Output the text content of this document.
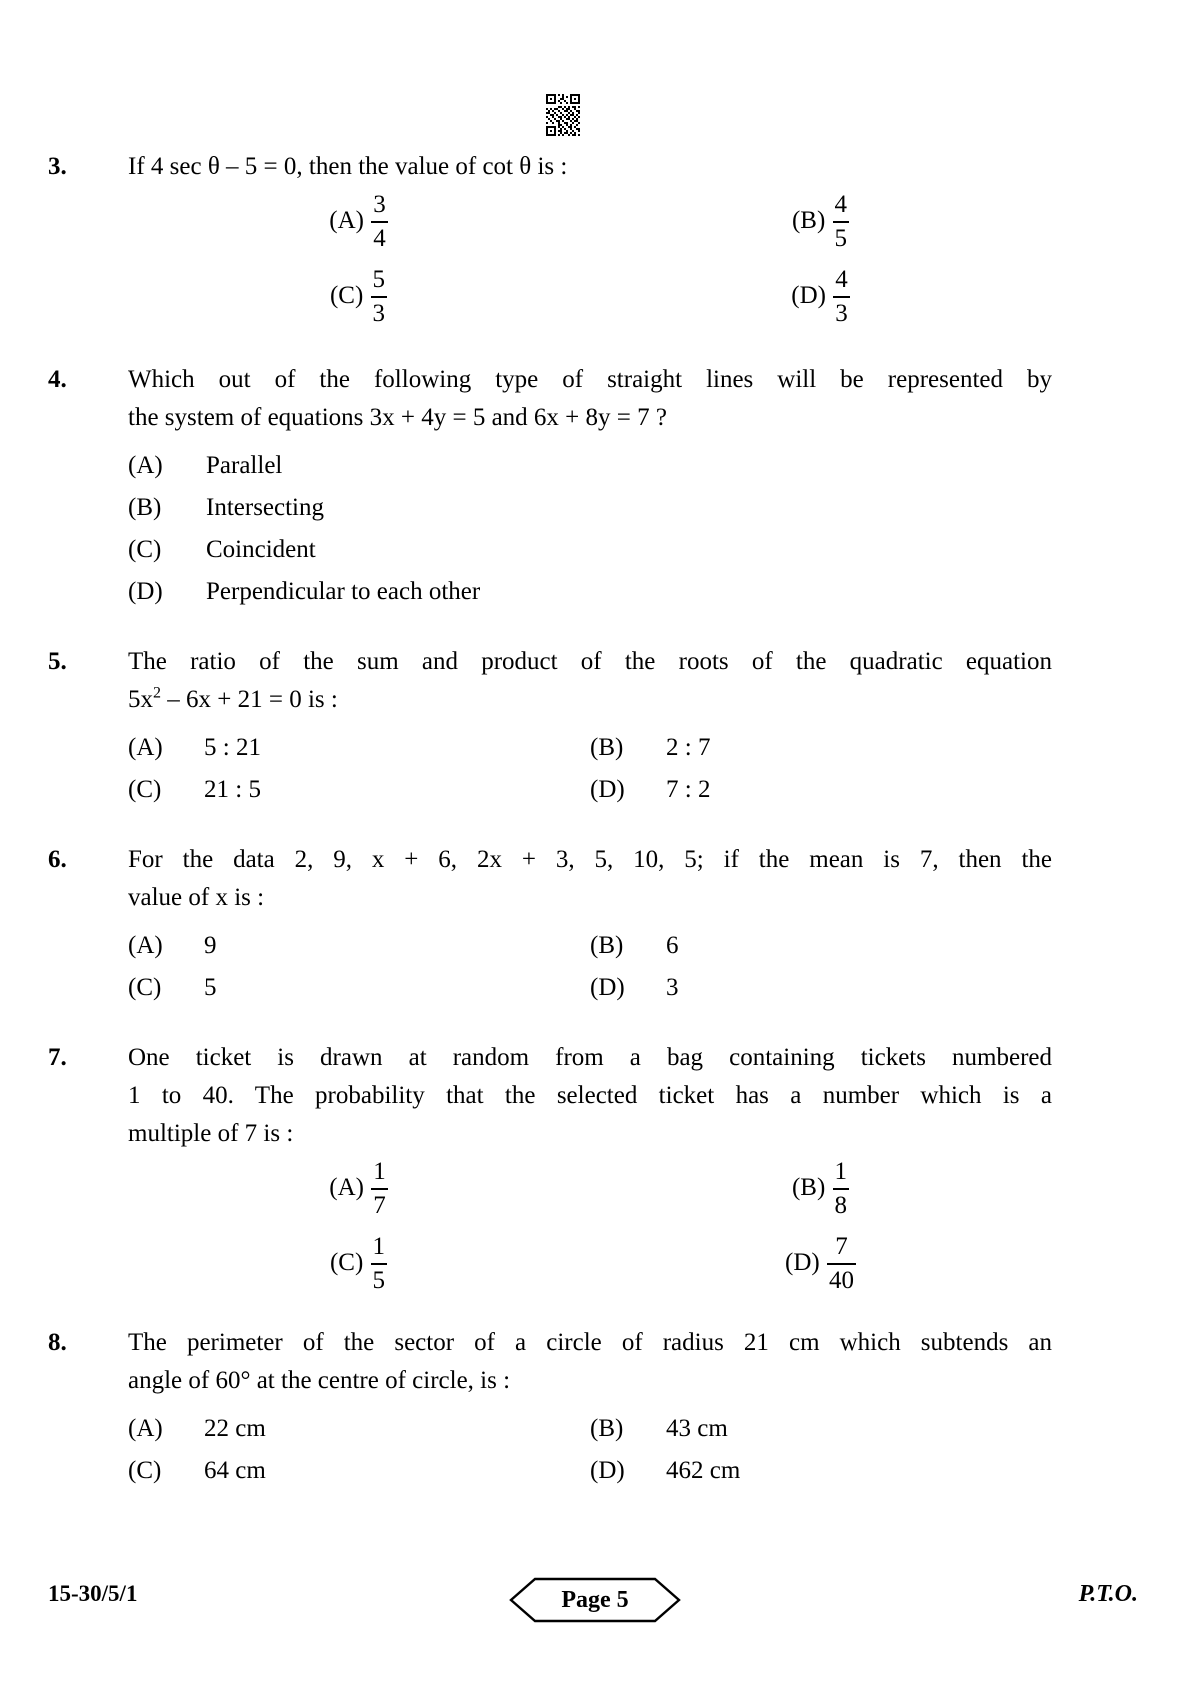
3.	If 4 sec θ – 5 = 0, then the value of cot θ is :
$(A) \frac{3}{4}$	$(B) \frac{4}{5}$
$(C) \frac{5}{3}$	$(D) \frac{4}{3}$
4.	Which out of the following type of straight lines will be represented by
the system of equations 3x + 4y = 5 and 6x + 8y = 7 ?
(A)	Parallel
(B)	Intersecting
(C)	Coincident
(D)	Perpendicular to each other
5.	The ratio of the sum and product of the roots of the quadratic equation
$5x^2 - 6x + 21 = 0$ is :
(A)	5 : 21	(B)	2 : 7
(C)	21 : 5	(D)	7 : 2
6.	For the data 2, 9, x + 6, 2x + 3, 5, 10, 5; if the mean is 7, then the
value of x is :
(A)	9	(B)	6
(C)	5	(D)	3
7.	One ticket is drawn at random from a bag containing tickets numbered
1 to 40. The probability that the selected ticket has a number which is a
multiple of 7 is :
$(A) \frac{1}{7}$	$(B) \frac{1}{8}$
$(C) \frac{1}{5}$	$(D) \frac{7}{40}$
8.	The perimeter of the sector of a circle of radius 21 cm which subtends an
angle of 60° at the centre of circle, is :
(A)	22 cm	(B)	43 cm
(C)	64 cm	(D)	462 cm
15-30/5/1	Page 5	P.T.O.
